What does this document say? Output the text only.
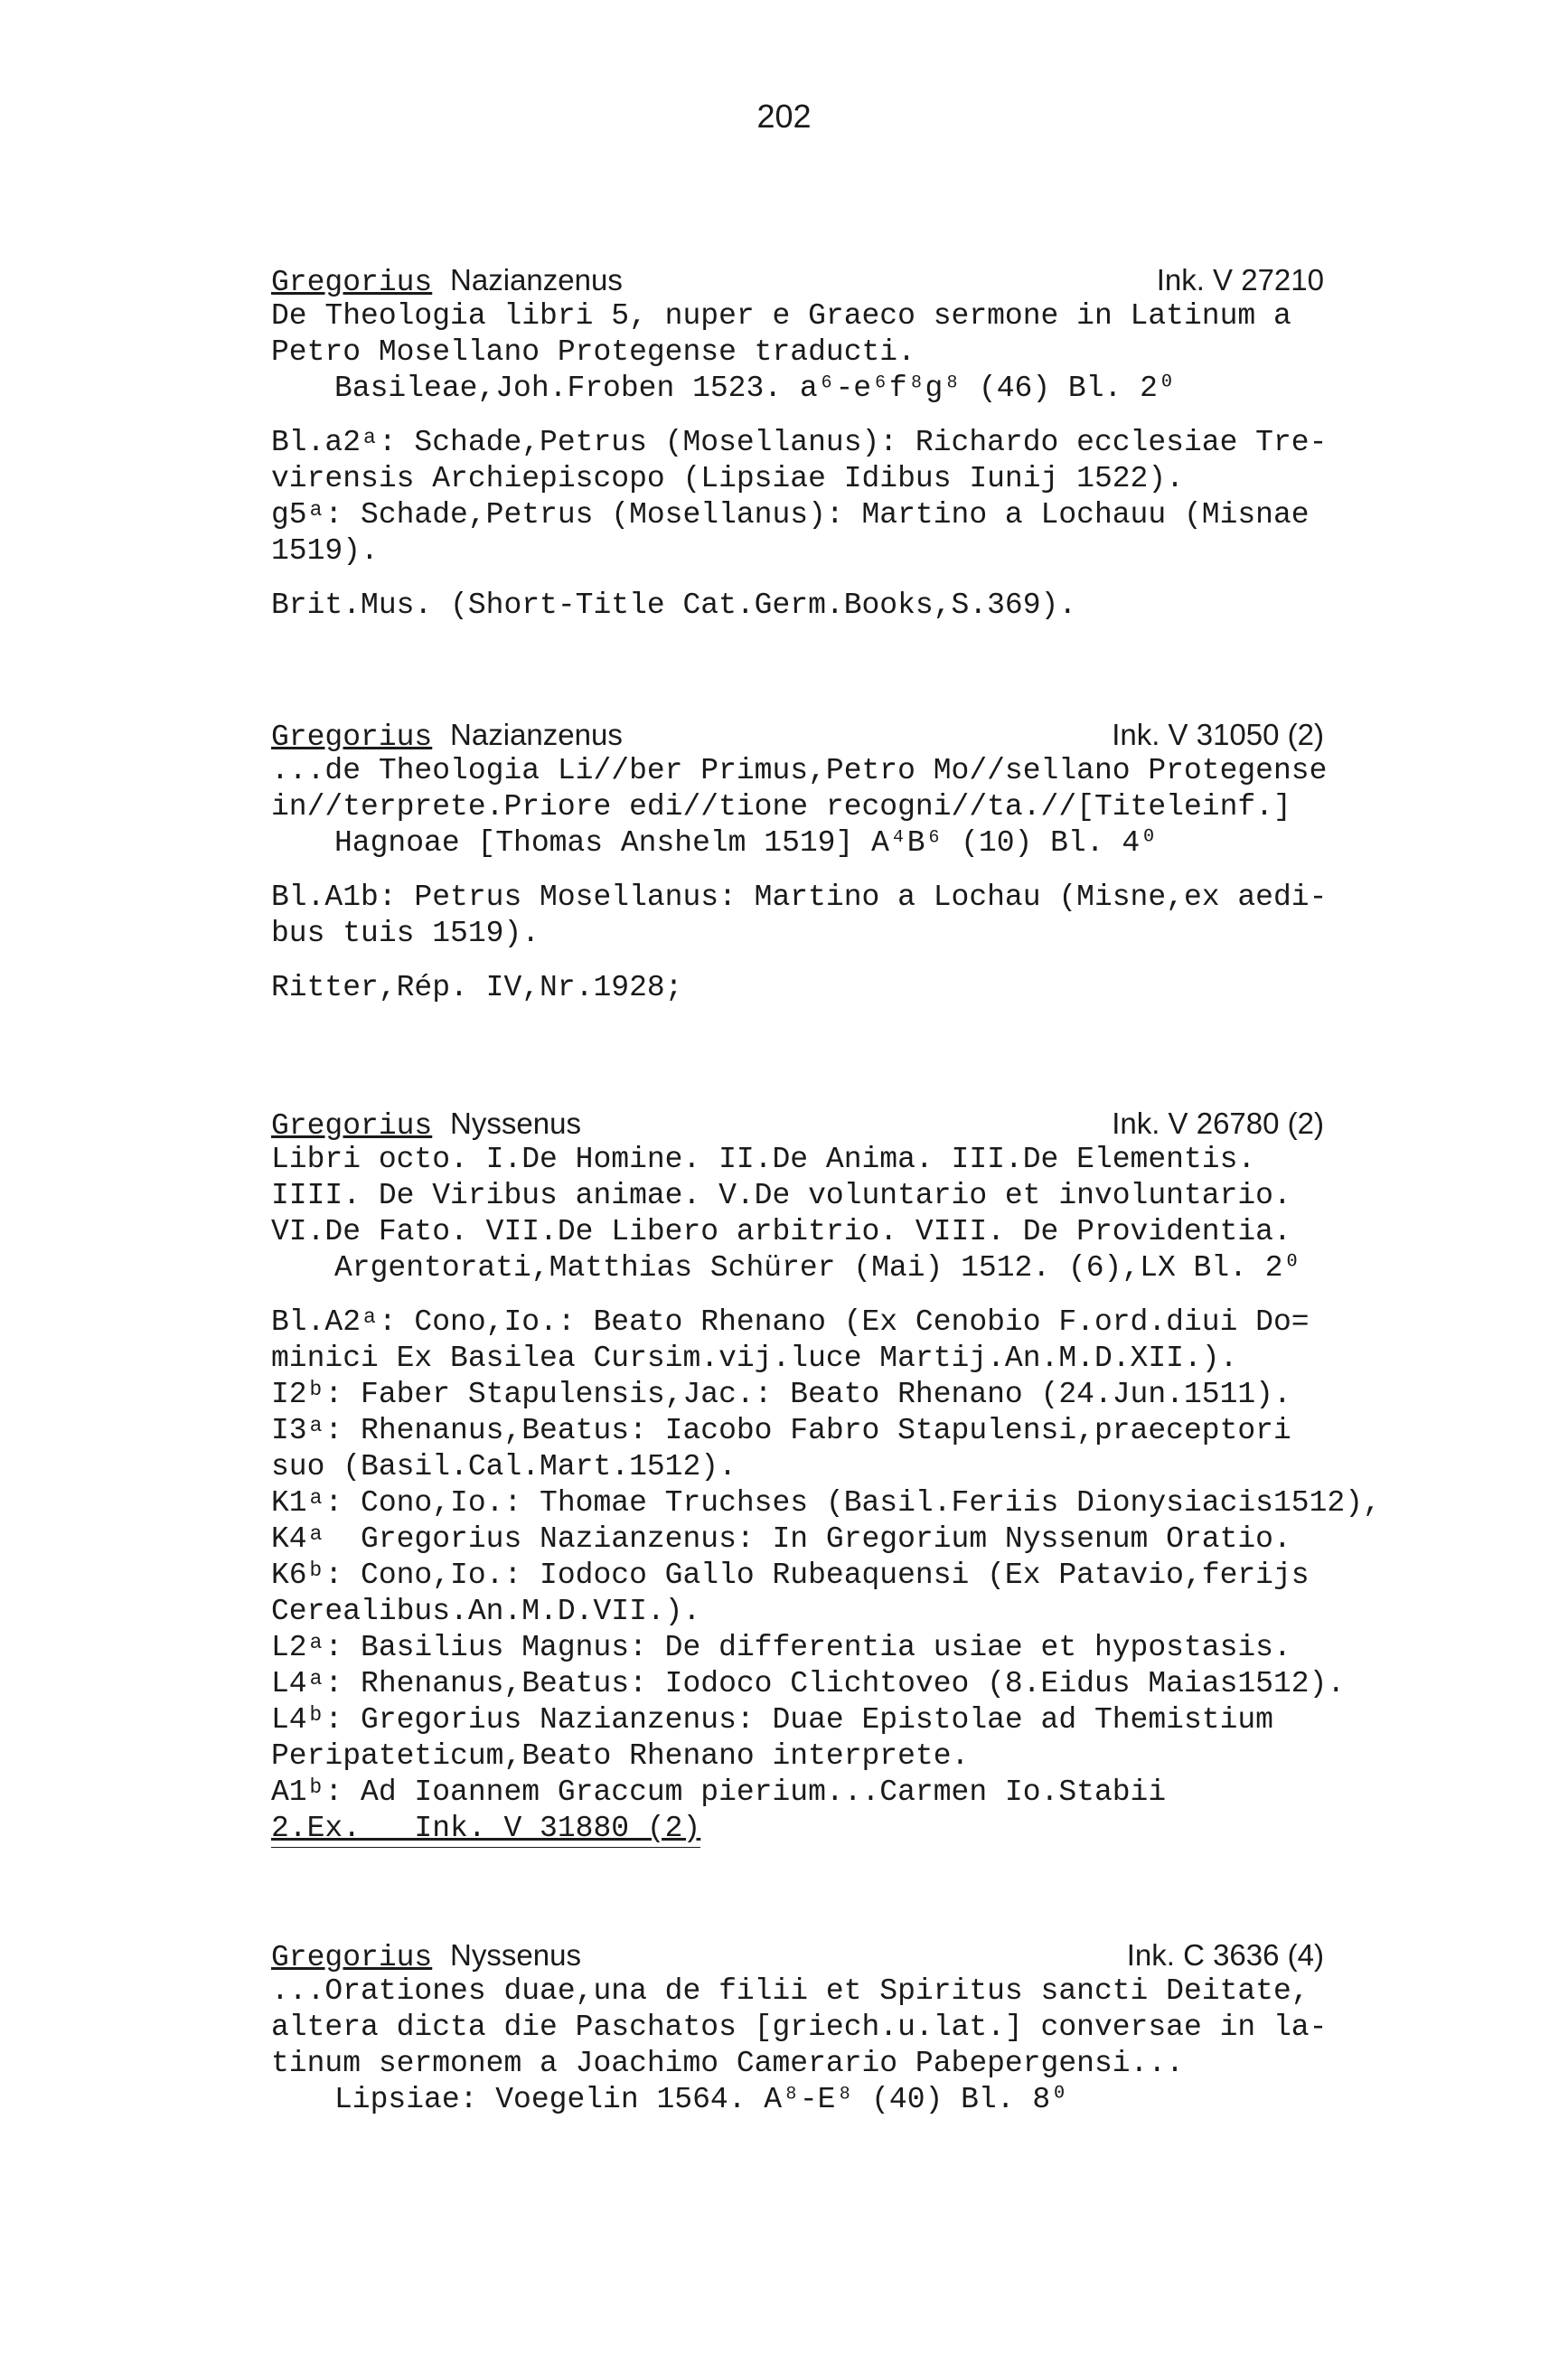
202
Gregorius Nazianzenus	Ink. V 27210
De Theologia libri 5, nuper e Graeco sermone in Latinum a
Petro Mosellano Protegense traducti.
Basileae,Joh.Froben 1523. a⁶-e⁶f⁸g⁸ (46) Bl. 2⁰
Bl.a2ᵃ: Schade,Petrus (Mosellanus): Richardo ecclesiae Tre-
virensis Archiepiscopo (Lipsiae Idibus Iunij 1522).
g5ᵃ: Schade,Petrus (Mosellanus): Martino a Lochauu (Misnae
1519).
Brit.Mus. (Short-Title Cat.Germ.Books,S.369).
Gregorius Nazianzenus	Ink. V 31050 (2)
...de Theologia Li//ber Primus,Petro Mo//sellano Protegense
in//terprete.Priore edi//tione recogni//ta.//[Titeleinf.]
Hagnoae [Thomas Anshelm 1519] A⁴B⁶ (10) Bl. 4⁰
Bl.A1b: Petrus Mosellanus: Martino a Lochau (Misne,ex aedi-
bus tuis 1519).
Ritter,Rép. IV,Nr.1928;
Gregorius Nyssenus	Ink. V 26780 (2)
Libri octo. I.De Homine. II.De Anima. III.De Elementis.
IIII. De Viribus animae. V.De voluntario et involuntario.
VI.De Fato. VII.De Libero arbitrio. VIII. De Providentia.
Argentorati,Matthias Schürer (Mai) 1512. (6),LX Bl. 2⁰
Bl.A2ᵃ: Cono,Io.: Beato Rhenano (Ex Cenobio F.ord.diui Do=
minici Ex Basilea Cursim.vij.luce Martij.An.M.D.XII.).
I2ᵇ: Faber Stapulensis,Jac.: Beato Rhenano (24.Jun.1511).
I3ᵃ: Rhenanus,Beatus: Iacobo Fabro Stapulensi,praeceptori
suo (Basil.Cal.Mart.1512).
K1ᵃ: Cono,Io.: Thomae Truchses (Basil.Feriis Dionysiacis1512),
K4ᵃ  Gregorius Nazianzenus: In Gregorium Nyssenum Oratio.
K6ᵇ: Cono,Io.: Iodoco Gallo Rubeaquensi (Ex Patavio,ferijs
Cerealibus.An.M.D.VII.).
L2ᵃ: Basilius Magnus: De differentia usiae et hypostasis.
L4ᵃ: Rhenanus,Beatus: Iodoco Clichtoveo (8.Eidus Maias1512).
L4ᵇ: Gregorius Nazianzenus: Duae Epistolae ad Themistium
Peripateticum,Beato Rhenano interprete.
A1ᵇ: Ad Ioannem Graccum pierium...Carmen Io.Stabii
2.Ex.   Ink. V 31880 (2)
Gregorius Nyssenus	Ink. C 3636 (4)
...Orationes duae,una de filii et Spiritus sancti Deitate,
altera dicta die Paschatos [griech.u.lat.] conversae in la-
tinum sermonem a Joachimo Camerario Pabepergensi...
Lipsiae: Voegelin 1564. A⁸-E⁸ (40) Bl. 8⁰
